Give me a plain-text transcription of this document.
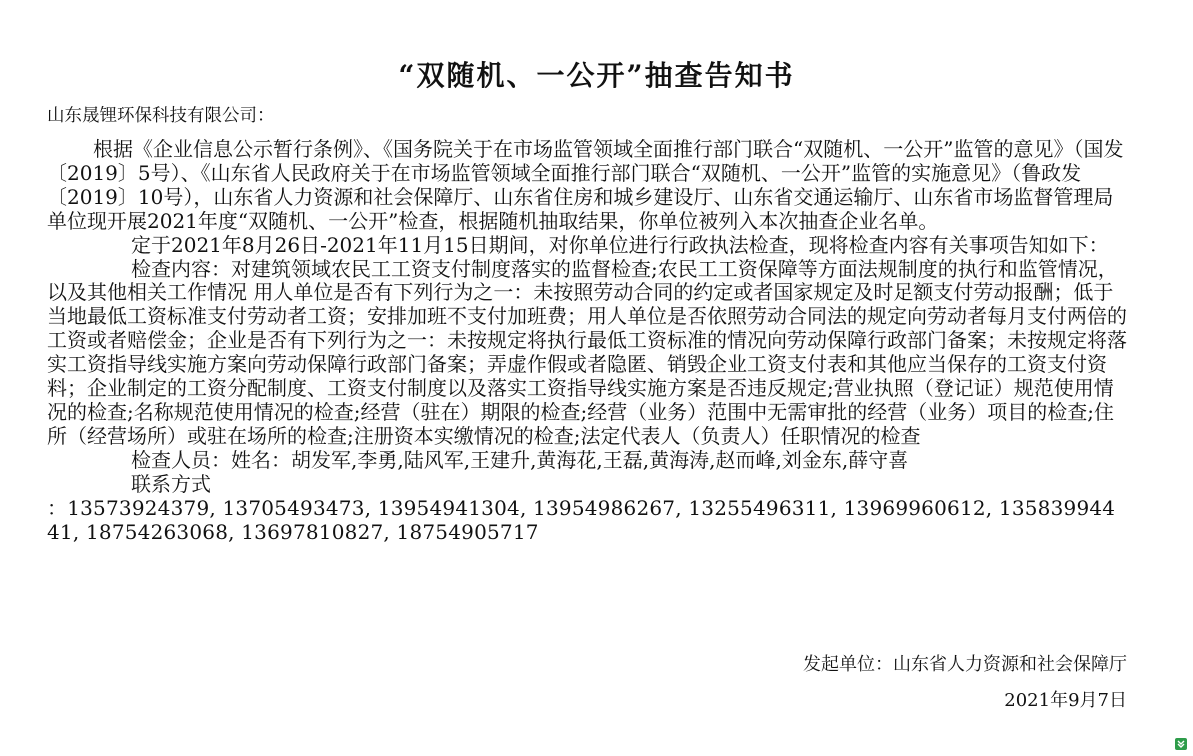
“双随机、一公开”抽查告知书
山东晟锂环保科技有限公司：

根据《企业信息公示暂行条例》、《国务院关于在市场监管领域全面推行部门联合“双随机、一公开”监管的意见》（国发〔2019〕5号）、《山东省人民政府关于在市场监管领域全面推行部门联合“双随机、一公开”监管的实施意见》（鲁政发〔2019〕10号），山东省人力资源和社会保障厅、山东省住房和城乡建设厅、山东省交通运输厅、山东省市场监督管理局单位现开展2021年度“双随机、一公开”检查，根据随机抽取结果，你单位被列入本次抽查企业名单。

定于2021年8月26日-2021年11月15日期间，对你单位进行行政执法检查，现将检查内容有关事项告知如下：

检查内容：对建筑领域农民工工资支付制度落实的监督检查;农民工工资保障等方面法规制度的执行和监管情况，以及其他相关工作情况 用人单位是否有下列行为之一：未按照劳动合同的约定或者国家规定及时足额支付劳动报酬；低于当地最低工资标准支付劳动者工资；安排加班不支付加班费；用人单位是否依照劳动合同法的规定向劳动者每月支付两倍的工资或者赔偿金；企业是否有下列行为之一：未按规定将执行最低工资标准的情况向劳动保障行政部门备案；未按规定将落实工资指导线实施方案向劳动保障行政部门备案；弄虚作假或者隐匿、销毁企业工资支付表和其他应当保存的工资支付资料；企业制定的工资分配制度、工资支付制度以及落实工资指导线实施方案是否违反规定;营业执照（登记证）规范使用情况的检查;名称规范使用情况的检查;经营（驻在）期限的检查;经营（业务）范围中无需审批的经营（业务）项目的检查;住所（经营场所）或驻在场所的检查;注册资本实缴情况的检查;法定代表人（负责人）任职情况的检查

检查人员：姓名：胡发军,李勇,陆风军,王建升,黄海花,王磊,黄海涛,赵而峰,刘金东,薛守喜

联系方式

：13573924379, 13705493473, 13954941304, 13954986267, 13255496311, 13969960612, 13583994441, 18754263068, 13697810827, 18754905717

发起单位：山东省人力资源和社会保障厅
2021年9月7日
